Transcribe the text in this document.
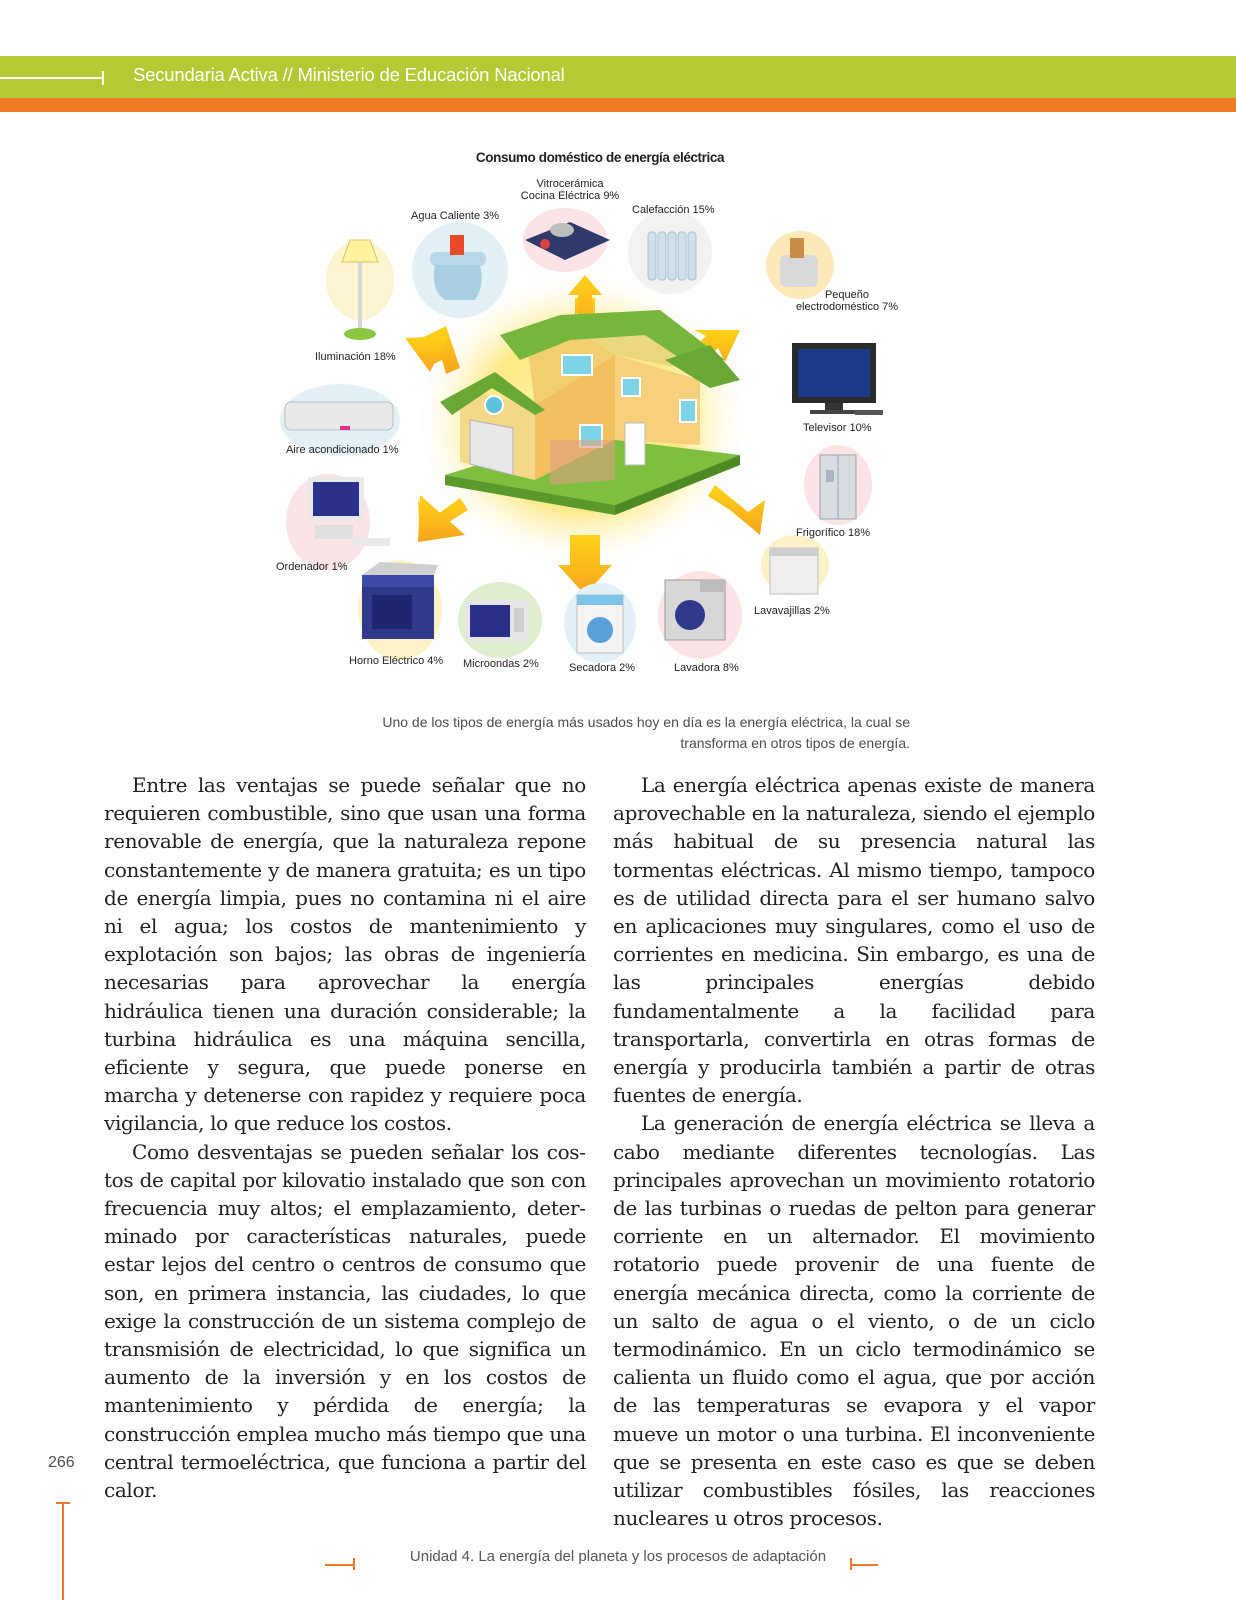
Secundaria Activa // Ministerio de Educación Nacional
Consumo doméstico de energía eléctrica
Vitrocerámica
Cocina Eléctrica 9%
Agua Caliente 3%	Calefacción 15%
Pequeño
electrodoméstico 7%
Iluminación 18%
Televisor 10%
Aire acondicionado 1%
Frigorífico 18%
Ordenador 1%
Lavavajillas 2%
Horno Eléctrico 4% Microondas 2%	Secadora 2%	Lavadora 8%
Uno de los tipos de energía más usados hoy en día es la energía eléctrica, la cual se transforma en otros tipos de energía.

Entre las ventajas se puede señalar que no requieren combustible, sino que usan una forma renovable de energía, que la naturaleza repone constantemente y de manera gratuita; es un tipo de energía limpia, pues no contamina ni el aire ni el agua; los costos de mantenimiento y explotación son bajos; las obras de ingeniería necesarias para aprovechar la energía hidráulica tienen una duración considerable; la turbina hidráulica es una máquina sencilla, eficiente y segura, que puede ponerse en marcha y detenerse con rapidez y requiere poca vigilancia, lo que reduce los costos.

Como desventajas se pueden señalar los costos de capital por kilovatio instalado que son con frecuencia muy altos; el emplazamiento, determinado por características naturales, puede estar lejos del centro o centros de consumo que son, en primera instancia, las ciudades, lo que exige la construcción de un sistema complejo de transmisión de electricidad, lo que significa un aumento de la inversión y en los costos de mantenimiento y pérdida de energía; la construcción emplea mucho más tiempo que una central termoeléctrica, que funciona a partir del calor.

La energía eléctrica apenas existe de manera aprovechable en la naturaleza, siendo el ejemplo más habitual de su presencia natural las tormentas eléctricas. Al mismo tiempo, tampoco es de utilidad directa para el ser humano salvo en aplicaciones muy singulares, como el uso de corrientes en medicina. Sin embargo, es una de las principales energías debido fundamentalmente a la facilidad para transportarla, convertirla en otras formas de energía y producirla también a partir de otras fuentes de energía.

La generación de energía eléctrica se lleva a cabo mediante diferentes tecnologías. Las principales aprovechan un movimiento rotatorio de las turbinas o ruedas de pelton para generar corriente en un alternador. El movimiento rotatorio puede provenir de una fuente de energía mecánica directa, como la corriente de un salto de agua o el viento, o de un ciclo termodinámico. En un ciclo termodinámico se calienta un fluido como el agua, que por acción de las temperaturas se evapora y el vapor mueve un motor o una turbina. El inconveniente que se presenta en este caso es que se deben utilizar combustibles fósiles, las reacciones nucleares u otros procesos.

266
Unidad 4. La energía del planeta y los procesos de adaptación
